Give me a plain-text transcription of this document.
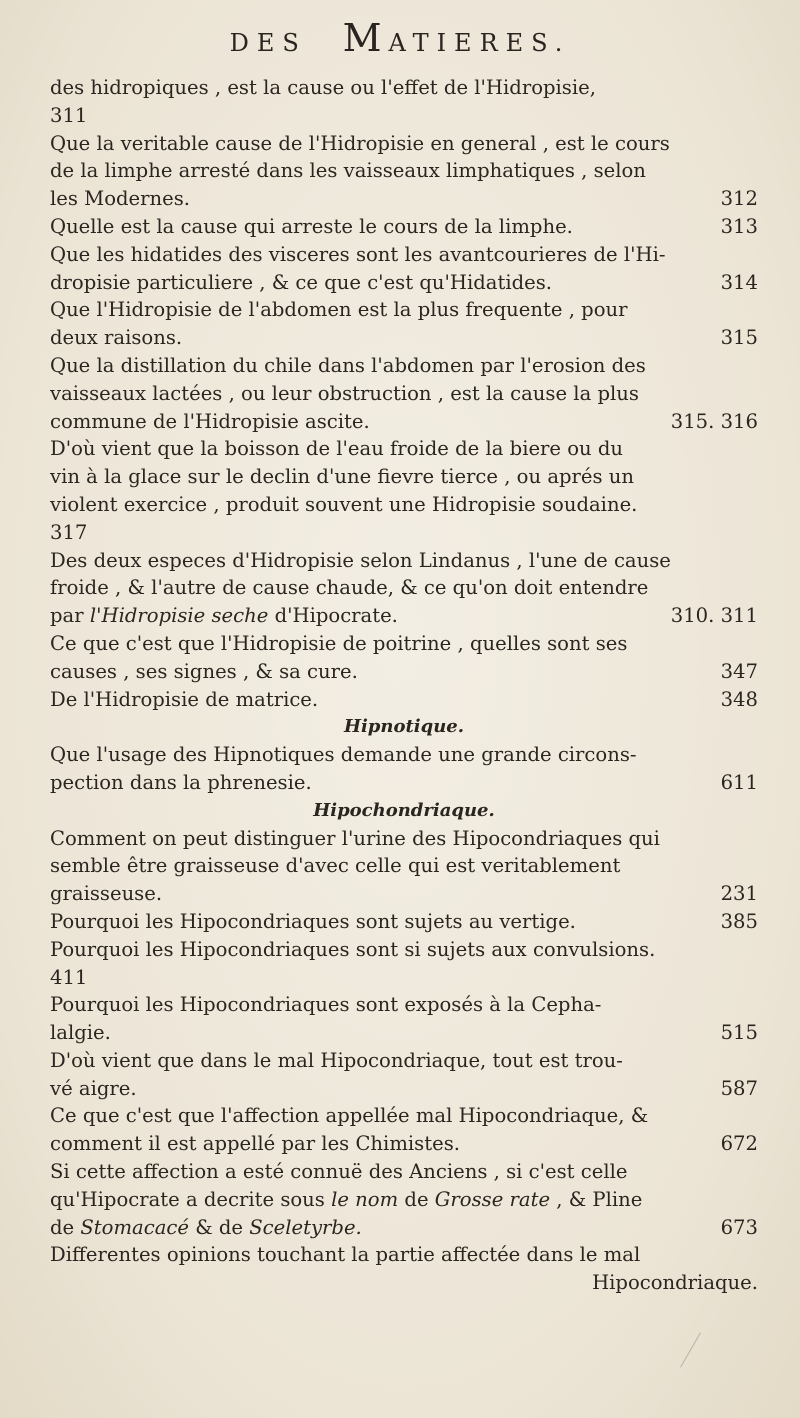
DES MATIERES.
des hidropiques , est la cause ou l'effet de l'Hidropisie,
311
Que la veritable cause de l'Hidropisie en general , est le cours
de la limphe arresté dans les vaisseaux limphatiques , selon
les Modernes.	312
Quelle est la cause qui arreste le cours de la limphe.	313
Que les hidatides des visceres sont les avantcourieres de l'Hi-
dropisie particuliere , & ce que c'est qu'Hidatides.	314
Que l'Hidropisie de l'abdomen est la plus frequente , pour
deux raisons.	315
Que la distillation du chile dans l'abdomen par l'erosion des
vaisseaux lactées , ou leur obstruction , est la cause la plus
commune de l'Hidropisie ascite.	315. 316
D'où vient que la boisson de l'eau froide de la biere ou du
vin à la glace sur le declin d'une fievre tierce , ou aprés un
violent exercice , produit souvent une Hidropisie soudaine.
317
Des deux especes d'Hidropisie selon Lindanus , l'une de cause
froide , & l'autre de cause chaude, & ce qu'on doit entendre
par l'Hidropisie seche d'Hipocrate.	310. 311
Ce que c'est que l'Hidropisie de poitrine , quelles sont ses
causes , ses signes , & sa cure.	347
De l'Hidropisie de matrice.	348

Hipnotique.

Que l'usage des Hipnotiques demande une grande circons-
pection dans la phrenesie.	611

Hipochondriaque.

Comment on peut distinguer l'urine des Hipocondriaques qui
semble être graisseuse d'avec celle qui est veritablement
graisseuse.	231
Pourquoi les Hipocondriaques sont sujets au vertige.	385
Pourquoi les Hipocondriaques sont si sujets aux convulsions.
411
Pourquoi les Hipocondriaques sont exposés à la Cepha-
lalgie.	515
D'où vient que dans le mal Hipocondriaque, tout est trou-
vé aigre.	587
Ce que c'est que l'affection appellée mal Hipocondriaque, &
comment il est appellé par les Chimistes.	672
Si cette affection a esté connuë des Anciens , si c'est celle
qu'Hipocrate a decrite sous le nom de Grosse rate , & Pline
de Stomacacé & de Sceletyrbe.	673
Differentes opinions touchant la partie affectée dans le mal
Hipocondriaque.
